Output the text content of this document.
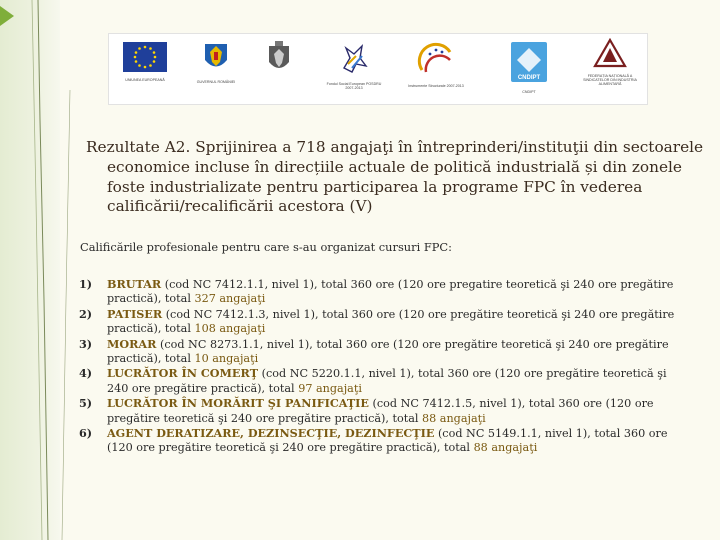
UNIUNEA EUROPEANĂ	GUVERNUL ROMÂNIEI	Fondul Social European POSDRU 2007-2013
Instrumente Structurale 2007-2013
CNDIPT
CNDIPT
FEDERAȚIA NAȚIONALĂ A SINDICATELOR DIN INDUSTRIA ALIMENTARĂ
Rezultate A2. Sprijinirea a 718 angajaţi în întreprinderi/instituţii din sectoarele economice incluse în direcțiile actuale de politică industrială și din zonele foste industrializate pentru participarea la programe FPC în vederea calificării/recalificării acestora (V)
Calificările profesionale pentru care s-au organizat cursuri FPC:
1) BRUTAR (cod NC 7412.1.1, nivel 1), total 360 ore (120 ore pregatire teoretică şi 240 ore pregătire practică), total 327 angajaţi
2) PATISER (cod NC 7412.1.3, nivel 1), total 360 ore (120 ore pregătire teoretică şi 240 ore pregătire practică), total 108 angajaţi
3) MORAR (cod NC 8273.1.1, nivel 1), total 360 ore (120 ore pregătire teoretică şi 240 ore pregătire practică), total 10 angajaţi
4) LUCRĂTOR ÎN COMERŢ (cod NC 5220.1.1, nivel 1), total 360 ore (120 ore pregătire teoretică şi 240 ore pregătire practică), total 97 angajaţi
5) LUCRĂTOR ÎN MORĂRIT ŞI PANIFICAŢIE (cod NC 7412.1.5, nivel 1), total 360 ore (120 ore pregătire teoretică şi 240 ore pregătire practică), total 88 angajaţi
6) AGENT DERATIZARE, DEZINSECŢIE, DEZINFECŢIE (cod NC 5149.1.1, nivel 1), total 360 ore (120 ore pregătire teoretică şi 240 ore pregătire practică), total 88 angajaţi
